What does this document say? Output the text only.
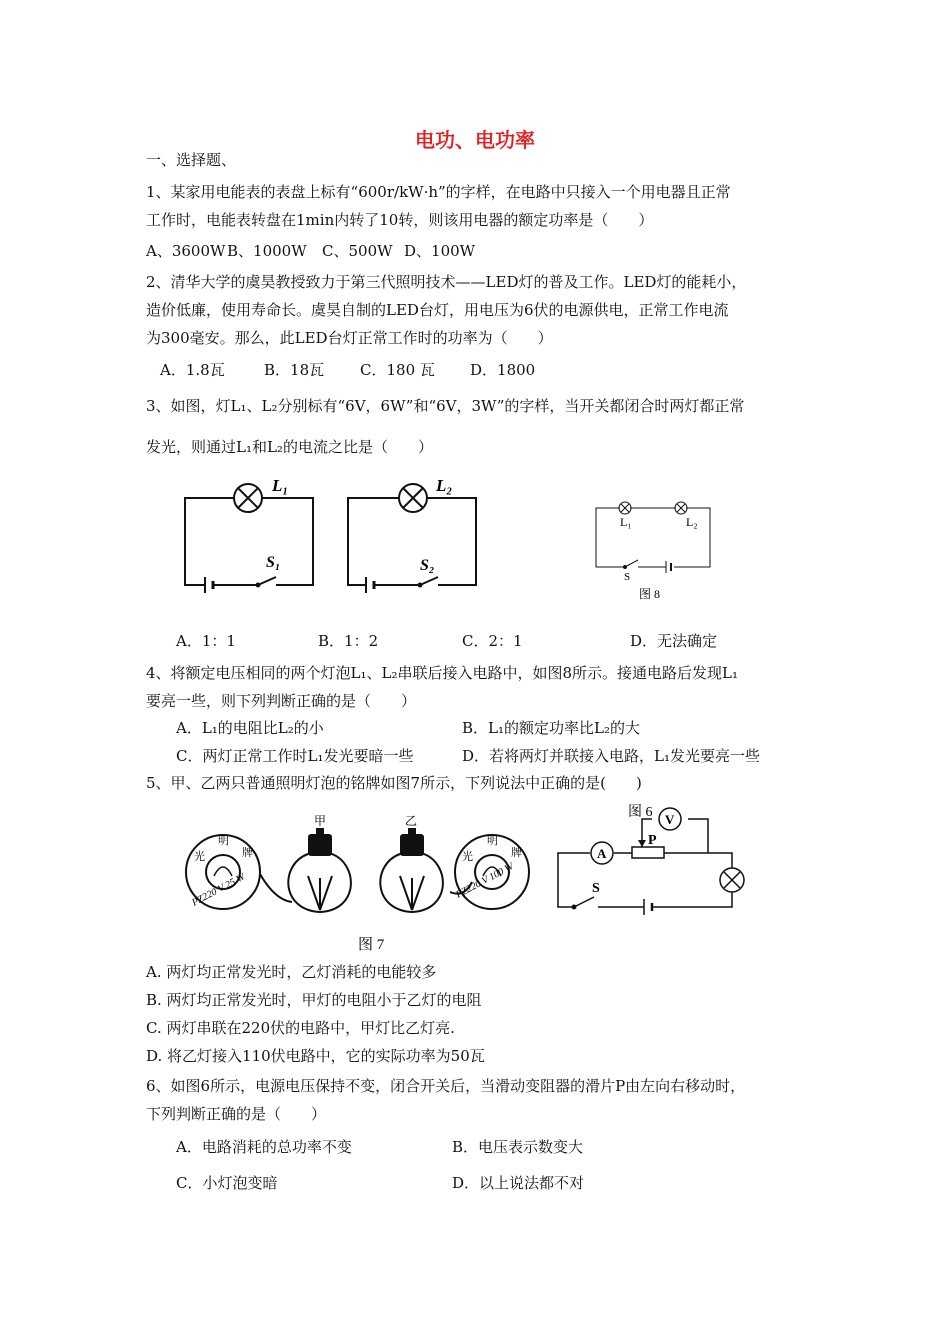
电功、电功率
一、选择题、
1、某家用电能表的表盘上标有“600r/kW·h”的字样，在电路中只接入一个用电器且正常
工作时，电能表转盘在1min内转了10转，则该用电器的额定功率是（　　）
A、3600W B、1000W C、500W D、100W
2、清华大学的虞昊教授致力于第三代照明技术——LED灯的普及工作。LED灯的能耗小，
造价低廉，使用寿命长。虞昊自制的LED台灯，用电压为6伏的电源供电，正常工作电流
为300毫安。那么，此LED台灯正常工作时的功率为（　　）
A．1.8瓦	B．18瓦 C．180 瓦 D．1800
3、如图，灯L₁、L₂分别标有“6V，6W”和“6V，3W”的字样，当开关都闭合时两灯都正常
发光，则通过L₁和L₂的电流之比是（　　）
L₁	L₂
S₁	S₂
L₁	L₂
S
图 8
A．1：1	B．1：2	C．2：1	D．无法确定
4、将额定电压相同的两个灯泡L₁、L₂串联后接入电路中，如图8所示。接通电路后发现L₁
要亮一些，则下列判断正确的是（　　）
A．L₁的电阻比L₂的小	B．L₁的额定功率比L₂的大
C．两灯正常工作时L₁发光要暗一些	D．若将两灯并联接入电路，L₁发光要亮一些
5、甲、乙两只普通照明灯泡的铭牌如图7所示，下列说法中正确的是(　　)
甲	乙
光
明
牌
PZ220 V 25 W
光
明
牌
PZ220 V 100 W
图 7
图 6 V
A
P
S
A. 两灯均正常发光时，乙灯消耗的电能较多
B. 两灯均正常发光时，甲灯的电阻小于乙灯的电阻
C. 两灯串联在220伏的电路中，甲灯比乙灯亮.
D. 将乙灯接入110伏电路中，它的实际功率为50瓦
6、如图6所示，电源电压保持不变，闭合开关后，当滑动变阻器的滑片P由左向右移动时，
下列判断正确的是（　　）
A．电路消耗的总功率不变	B．电压表示数变大
C．小灯泡变暗	D．以上说法都不对
